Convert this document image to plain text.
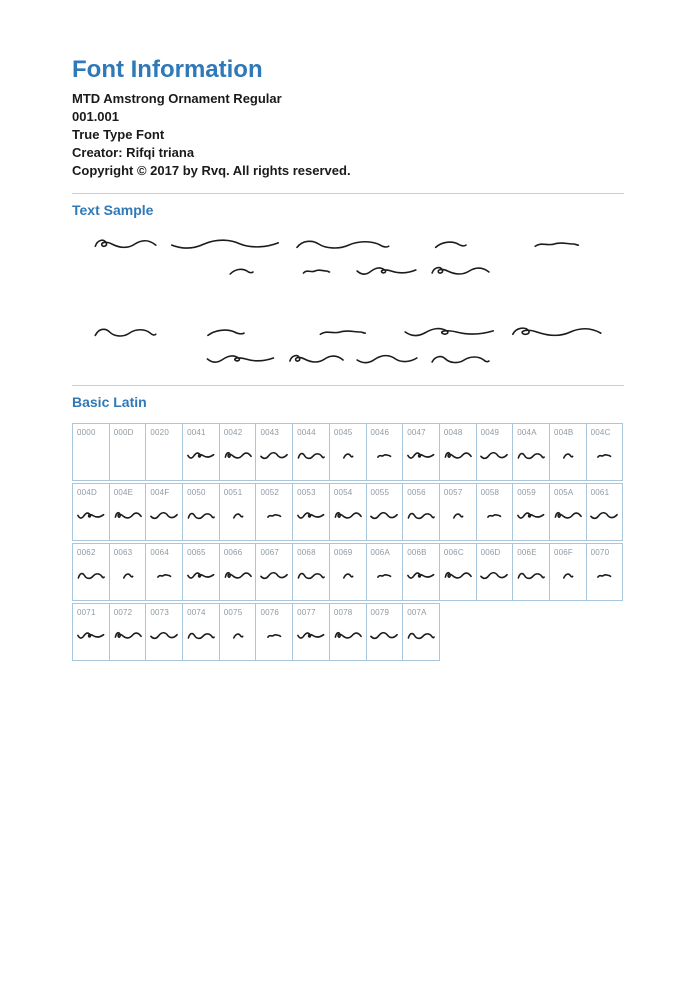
Font Information
MTD Amstrong Ornament Regular
001.001
True Type Font
Creator: Rifqi triana
Copyright © 2017 by Rvq. All rights reserved.
Text Sample
Basic Latin
0000	000D	0020	0041	0042	0043	0044	0045	0046	0047	0048	0049	004A	004B	004C
004D	004E	004F	0050	0051	0052	0053	0054	0055	0056	0057	0058	0059	005A	0061
0062	0063	0064	0065	0066	0067	0068	0069	006A	006B	006C	006D	006E	006F	0070
0071	0072	0073	0074	0075	0076	0077	0078	0079	007A
